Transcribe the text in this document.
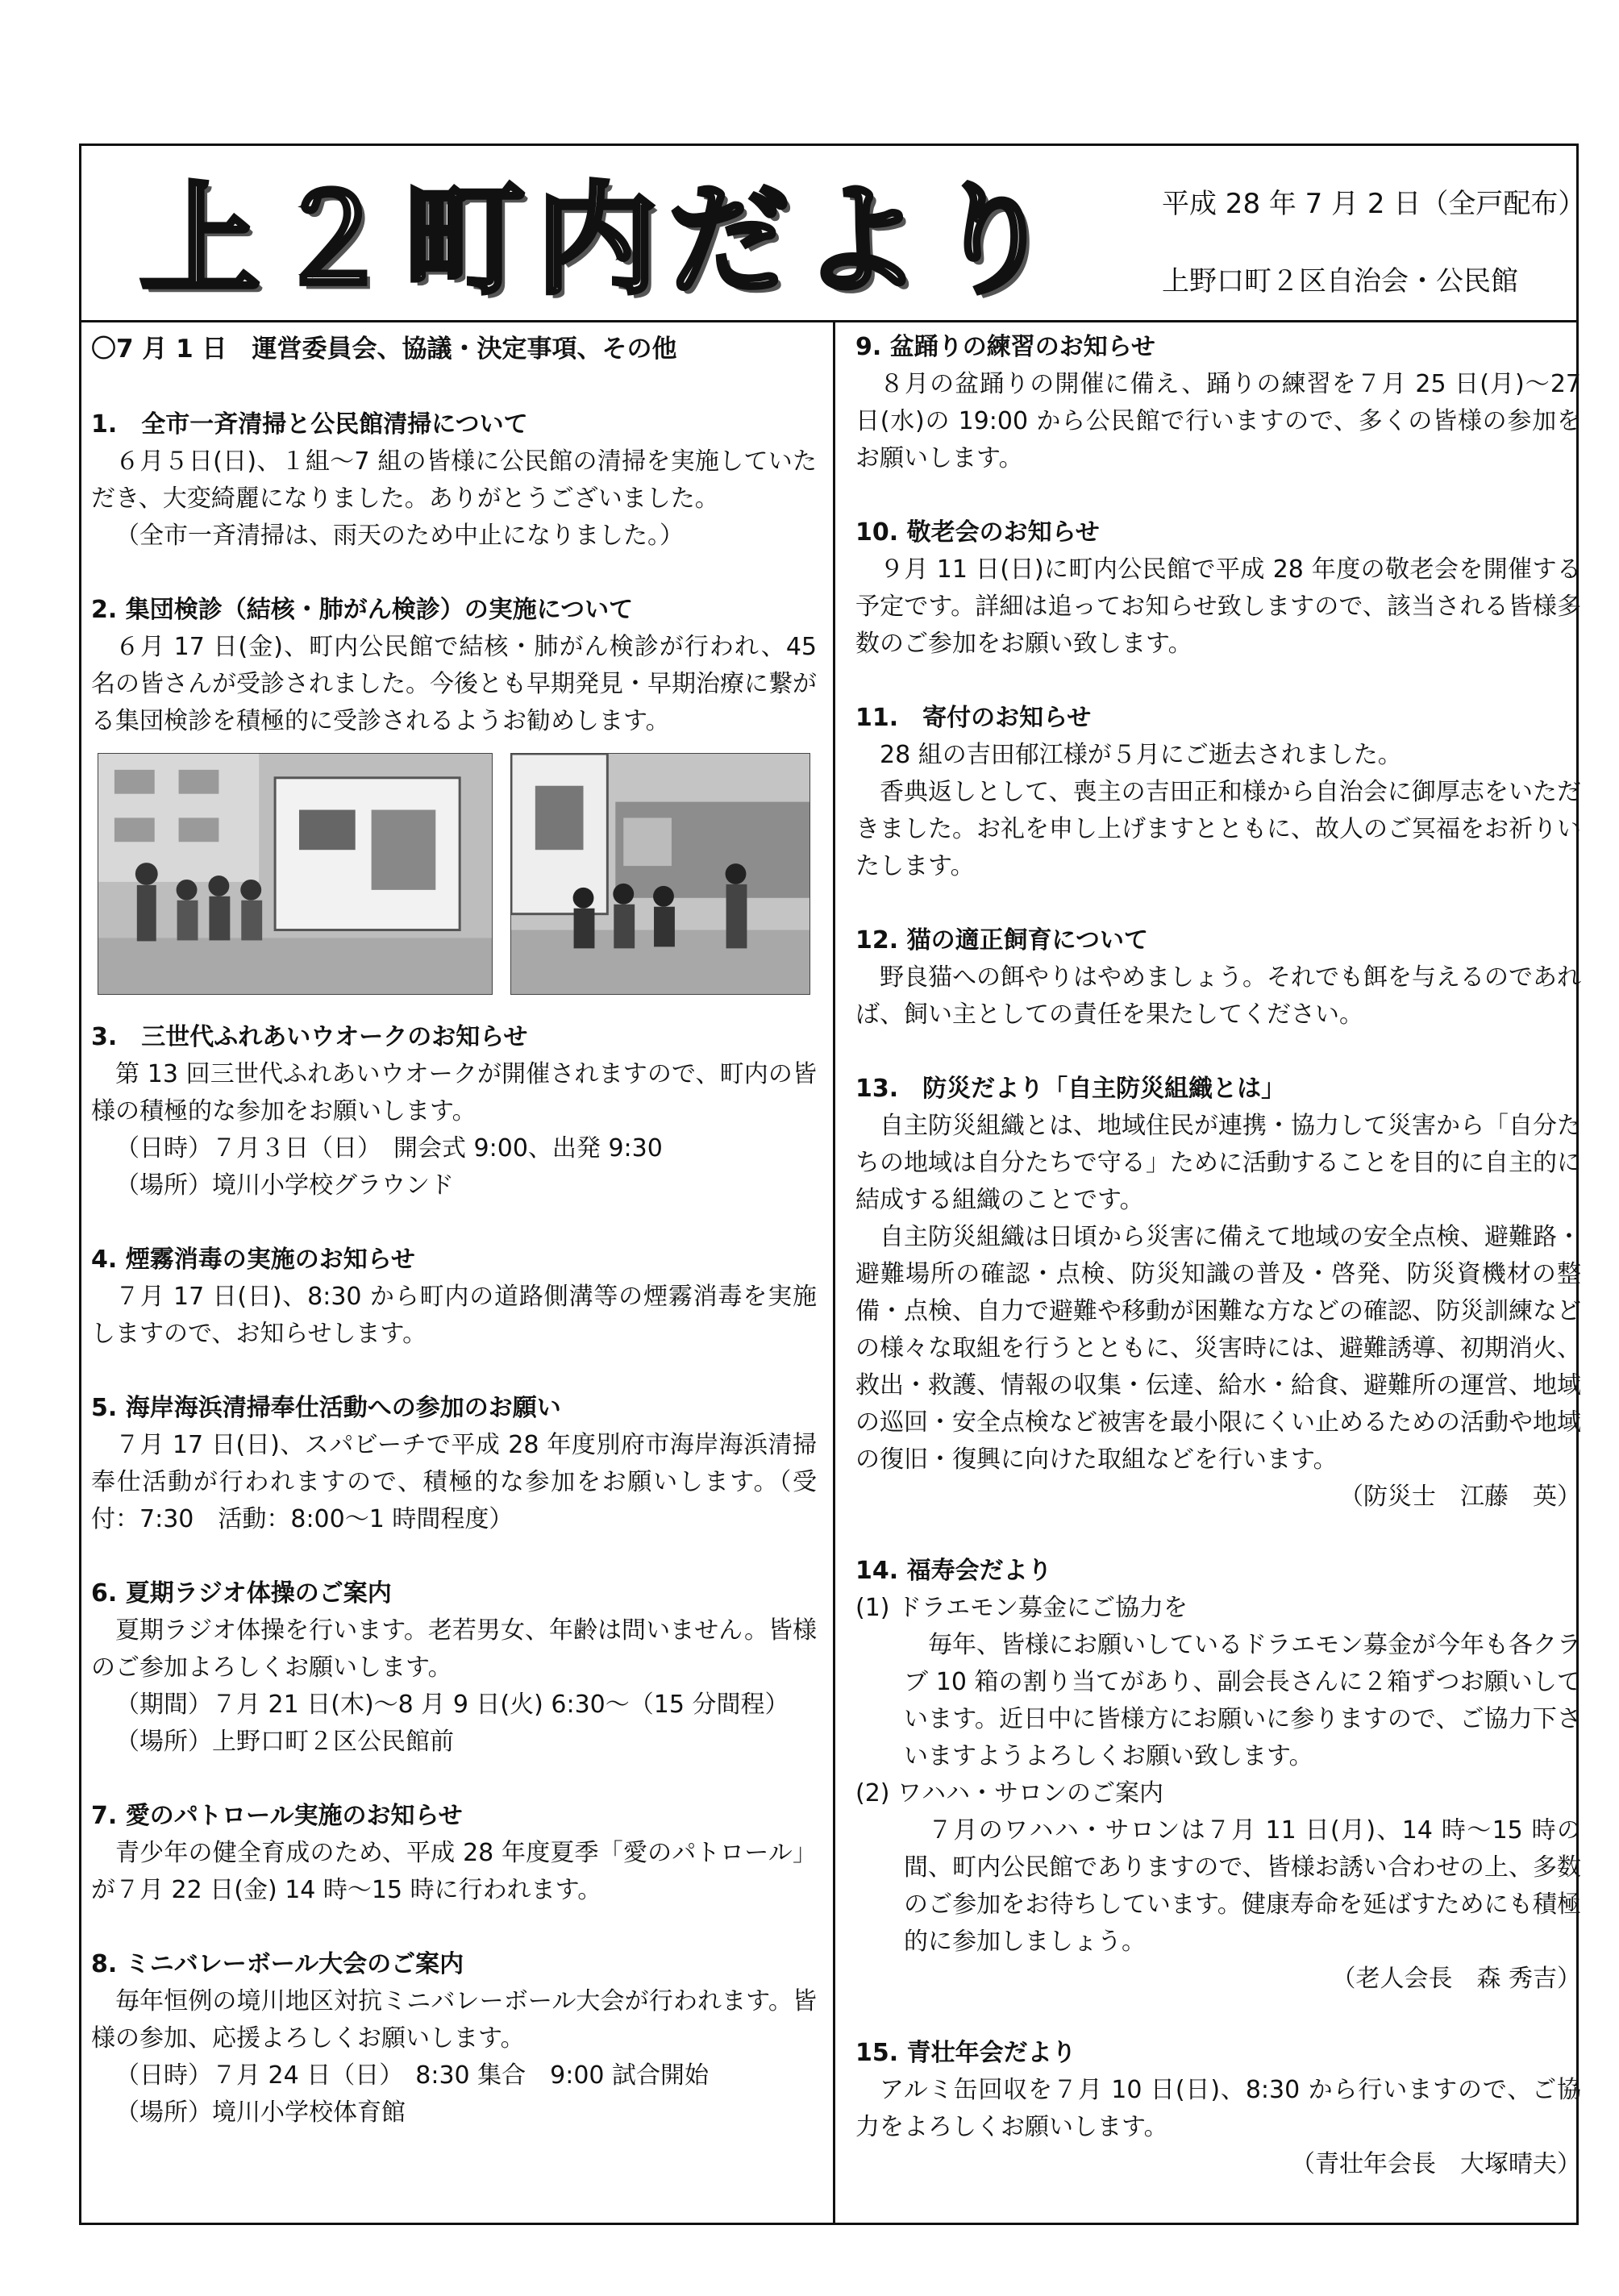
上２町内だより	平成 28 年 7 月 2 日（全戸配布）
上野口町２区自治会・公民館
〇7 月 1 日　運営委員会、協議・決定事項、その他
1.　全市一斉清掃と公民館清掃について

６月５日(日)、１組～7 組の皆様に公民館の清掃を実施していただき、大変綺麗になりました。ありがとうございました。

（全市一斉清掃は、雨天のため中止になりました。）

2. 集団検診（結核・肺がん検診）の実施について

６月 17 日(金)、町内公民館で結核・肺がん検診が行われ、45 名の皆さんが受診されました。今後とも早期発見・早期治療に繋がる集団検診を積極的に受診されるようお勧めします。

3.　三世代ふれあいウオークのお知らせ

第 13 回三世代ふれあいウオークが開催されますので、町内の皆様の積極的な参加をお願いします。

（日時）７月３日（日）　開会式 9:00、出発 9:30

（場所）境川小学校グラウンド

4. 煙霧消毒の実施のお知らせ

７月 17 日(日)、8:30 から町内の道路側溝等の煙霧消毒を実施しますので、お知らせします。

5. 海岸海浜清掃奉仕活動への参加のお願い

７月 17 日(日)、スパビーチで平成 28 年度別府市海岸海浜清掃奉仕活動が行われますので、積極的な参加をお願いします。（受付：7:30　活動：8:00～1 時間程度）

6. 夏期ラジオ体操のご案内

夏期ラジオ体操を行います。老若男女、年齢は問いません。皆様のご参加よろしくお願いします。

（期間）７月 21 日(木)～8 月 9 日(火) 6:30～（15 分間程）

（場所）上野口町２区公民館前

7. 愛のパトロール実施のお知らせ

青少年の健全育成のため、平成 28 年度夏季「愛のパトロール」が７月 22 日(金) 14 時～15 時に行われます。

8. ミニバレーボール大会のご案内

毎年恒例の境川地区対抗ミニバレーボール大会が行われます。皆様の参加、応援よろしくお願いします。

（日時）７月 24 日（日）　8:30 集合　9:00 試合開始

（場所）境川小学校体育館

9. 盆踊りの練習のお知らせ

８月の盆踊りの開催に備え、踊りの練習を７月 25 日(月)～27 日(水)の 19:00 から公民館で行いますので、多くの皆様の参加をお願いします。

10. 敬老会のお知らせ

９月 11 日(日)に町内公民館で平成 28 年度の敬老会を開催する予定です。詳細は追ってお知らせ致しますので、該当される皆様多数のご参加をお願い致します。

11.　寄付のお知らせ

28 組の吉田郁江様が５月にご逝去されました。

香典返しとして、喪主の吉田正和様から自治会に御厚志をいただきました。お礼を申し上げますとともに、故人のご冥福をお祈りいたします。

12. 猫の適正飼育について

野良猫への餌やりはやめましょう。それでも餌を与えるのであれば、飼い主としての責任を果たしてください。

13.　防災だより「自主防災組織とは」

自主防災組織とは、地域住民が連携・協力して災害から「自分たちの地域は自分たちで守る」ために活動することを目的に自主的に結成する組織のことです。

自主防災組織は日頃から災害に備えて地域の安全点検、避難路・避難場所の確認・点検、防災知識の普及・啓発、防災資機材の整備・点検、自力で避難や移動が困難な方などの確認、防災訓練などの様々な取組を行うとともに、災害時には、避難誘導、初期消火、救出・救護、情報の収集・伝達、給水・給食、避難所の運営、地域の巡回・安全点検など被害を最小限にくい止めるための活動や地域の復旧・復興に向けた取組などを行います。

（防災士　江藤　英）

14. 福寿会だより

(1) ドラエモン募金にご協力を

毎年、皆様にお願いしているドラエモン募金が今年も各クラブ 10 箱の割り当てがあり、副会長さんに２箱ずつお願いしています。近日中に皆様方にお願いに参りますので、ご協力下さいますようよろしくお願い致します。

(2) ワハハ・サロンのご案内

７月のワハハ・サロンは７月 11 日(月)、14 時～15 時の間、町内公民館でありますので、皆様お誘い合わせの上、多数のご参加をお待ちしています。健康寿命を延ばすためにも積極的に参加しましょう。

（老人会長　森 秀吉）

15. 青壮年会だより

アルミ缶回収を７月 10 日(日)、8:30 から行いますので、ご協力をよろしくお願いします。

（青壮年会長　大塚晴夫）
